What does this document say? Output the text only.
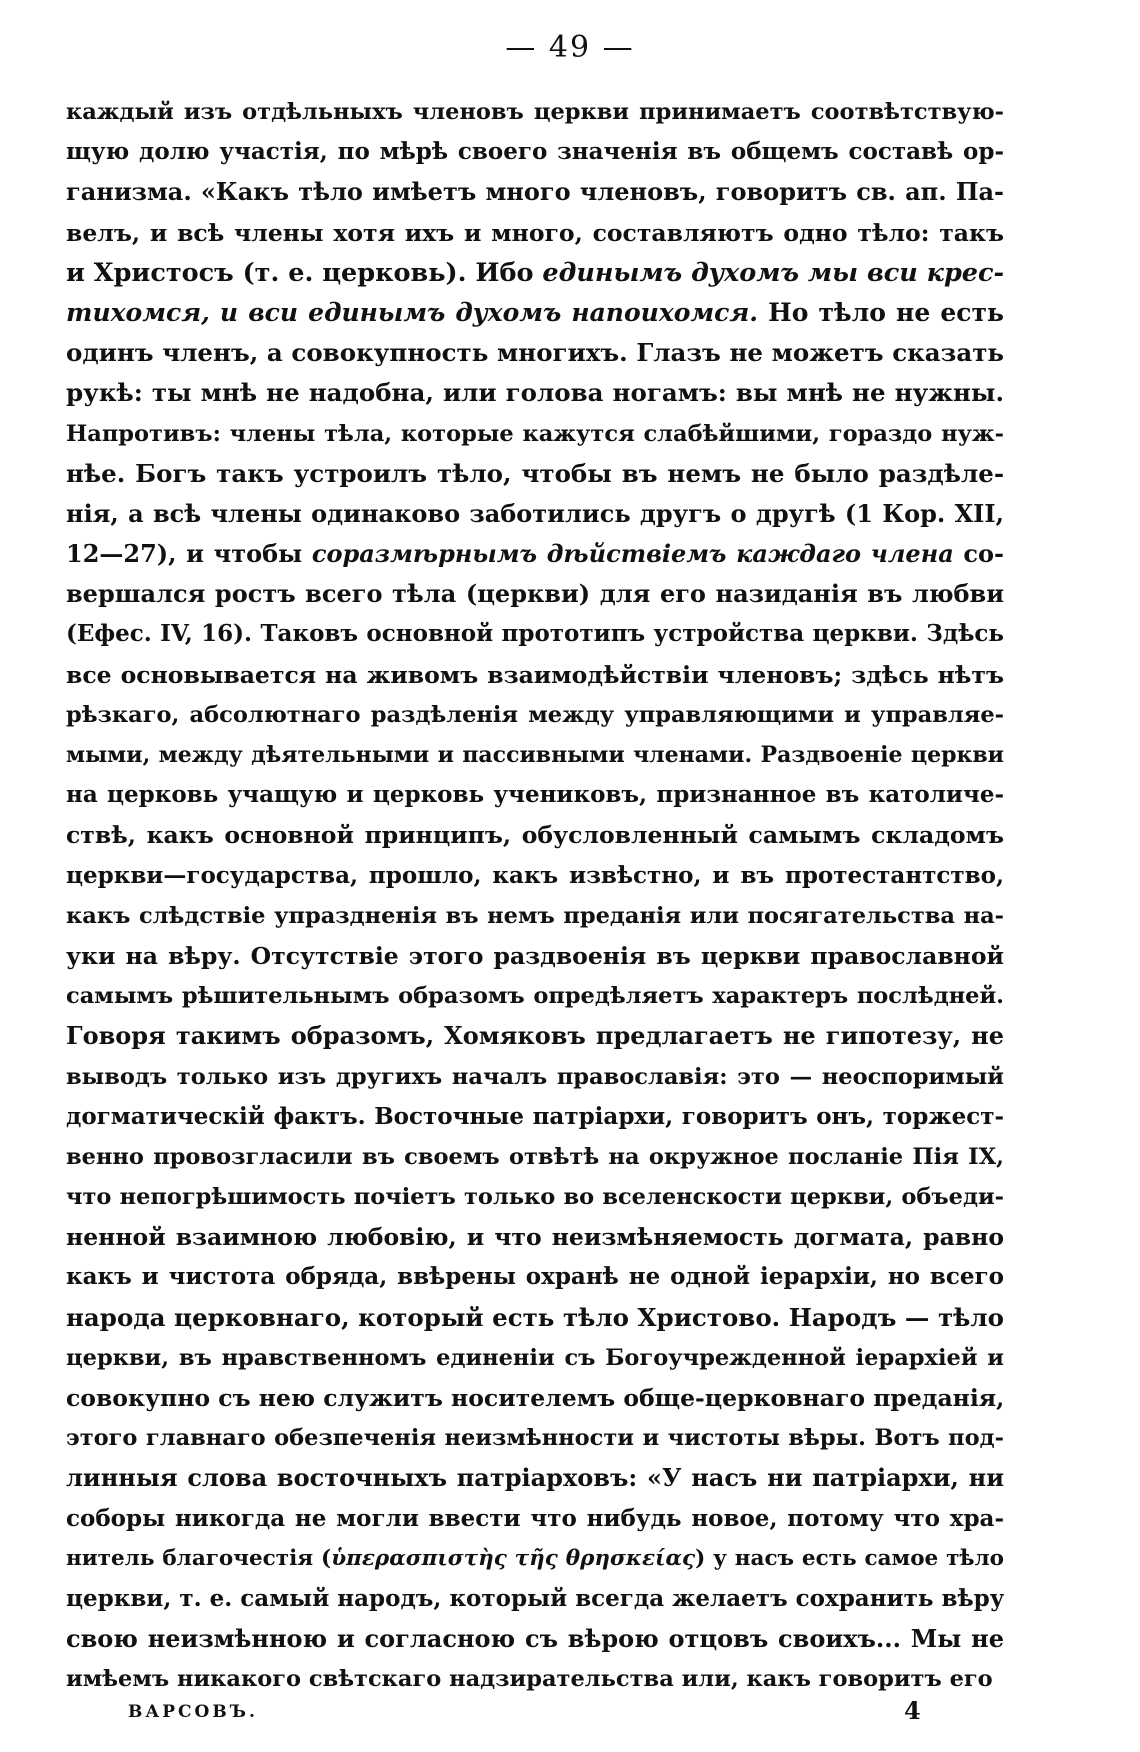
— 49 —
каждый изъ отдѣльныхъ членовъ церкви принимаетъ соотвѣтствую-
щую долю участія, по мѣрѣ своего значенія въ общемъ составѣ ор-
ганизма. «Какъ тѣло имѣетъ много членовъ, говоритъ св. ап. Па-
велъ, и всѣ члены хотя ихъ и много, составляютъ одно тѣло: такъ
и Христосъ (т. е. церковь). Ибо единымъ духомъ мы вси крес-
тихомся, и вси единымъ духомъ напоихомся. Но тѣло не есть
одинъ членъ, а совокупность многихъ. Глазъ не можетъ сказать
рукѣ: ты мнѣ не надобна, или голова ногамъ: вы мнѣ не нужны.
Напротивъ: члены тѣла, которые кажутся слабѣйшими, гораздо нуж-
нѣе. Богъ такъ устроилъ тѣло, чтобы въ немъ не было раздѣле-
нія, а всѣ члены одинаково заботились другъ о другѣ (1 Кор. XII,
12—27), и чтобы соразмѣрнымъ дѣйствіемъ каждаго члена со-
вершался ростъ всего тѣла (церкви) для его назиданія въ любви
(Ефес. IV, 16). Таковъ основной прототипъ устройства церкви. Здѣсь
все основывается на живомъ взаимодѣйствіи членовъ; здѣсь нѣтъ
рѣзкаго, абсолютнаго раздѣленія между управляющими и управляе-
мыми, между дѣятельными и пассивными членами. Раздвоеніе церкви
на церковь учащую и церковь учениковъ, признанное въ католиче-
ствѣ, какъ основной принципъ, обусловленный самымъ складомъ
церкви—государства, прошло, какъ извѣстно, и въ протестантство,
какъ слѣдствіе упраздненія въ немъ преданія или посягательства на-
уки на вѣру. Отсутствіе этого раздвоенія въ церкви православной
самымъ рѣшительнымъ образомъ опредѣляетъ характеръ послѣдней.
Говоря такимъ образомъ, Хомяковъ предлагаетъ не гипотезу, не
выводъ только изъ другихъ началъ православія: это — неоспоримый
догматическій фактъ. Восточные патріархи, говоритъ онъ, торжест-
венно провозгласили въ своемъ отвѣтѣ на окружное посланіе Пія IX,
что непогрѣшимость почіетъ только во вселенскости церкви, объеди-
ненной взаимною любовію, и что неизмѣняемость догмата, равно
какъ и чистота обряда, ввѣрены охранѣ не одной іерархіи, но всего
народа церковнаго, который есть тѣло Христово. Народъ — тѣло
церкви, въ нравственномъ единеніи съ Богоучрежденной іерархіей и
совокупно съ нею служитъ носителемъ обще-церковнаго преданія,
этого главнаго обезпеченія неизмѣнности и чистоты вѣры. Вотъ под-
линныя слова восточныхъ патріарховъ: «У насъ ни патріархи, ни
соборы никогда не могли ввести что нибудь новое, потому что хра-
нитель благочестія (ὑπερασπιστὴς τῆς θρησκείας) у насъ есть самое тѣло
церкви, т. е. самый народъ, который всегда желаетъ сохранить вѣру
свою неизмѣнною и согласною съ вѣрою отцовъ своихъ... Мы не
имѣемъ никакого свѣтскаго надзирательства или, какъ говоритъ его
ВАРСОВЪ.	4
